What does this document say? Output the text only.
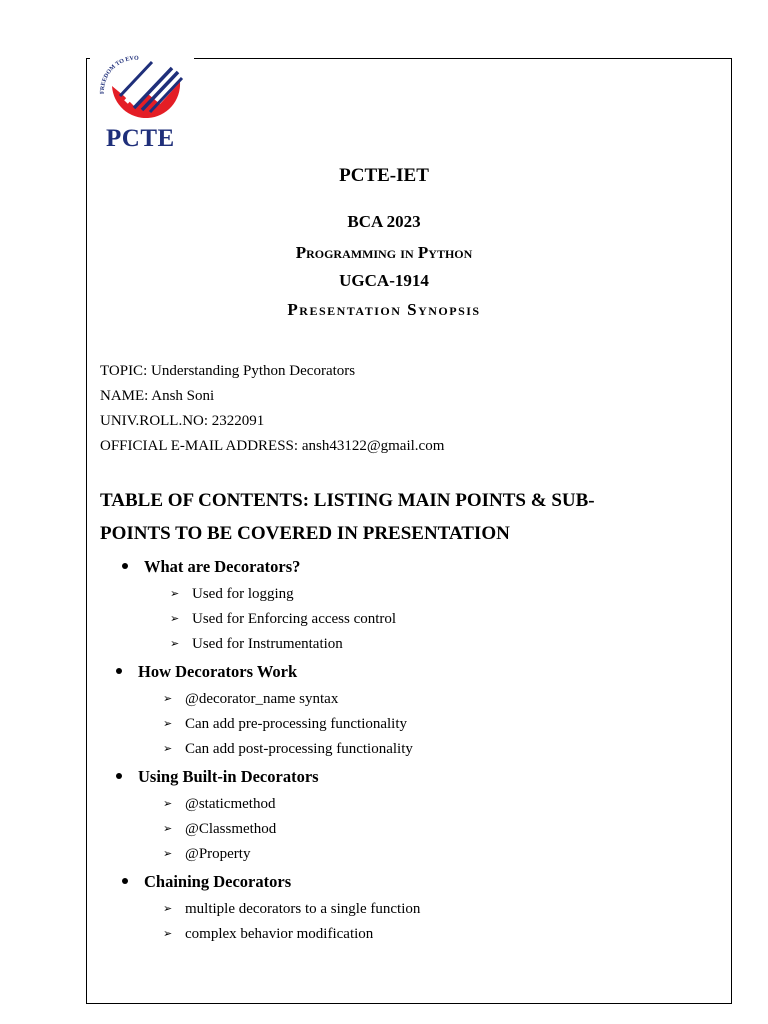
FREEDOM TO EVO
PCTE
PCTE-IET
BCA 2023
Programming in Python
UGCA-1914
Presentation Synopsis
TOPIC: Understanding Python Decorators
NAME: Ansh Soni
UNIV.ROLL.NO: 2322091
OFFICIAL E-MAIL ADDRESS: ansh43122@gmail.com
TABLE OF CONTENTS: LISTING MAIN POINTS & SUB-
POINTS TO BE COVERED IN PRESENTATION
What are Decorators?
➢ Used for logging
➢ Used for Enforcing access control
➢ Used for Instrumentation
How Decorators Work
➢ @decorator_name syntax
➢ Can add pre-processing functionality
➢ Can add post-processing functionality
Using Built-in Decorators
➢ @staticmethod
➢ @Classmethod
➢ @Property
Chaining Decorators
➢ multiple decorators to a single function
➢ complex behavior modification
